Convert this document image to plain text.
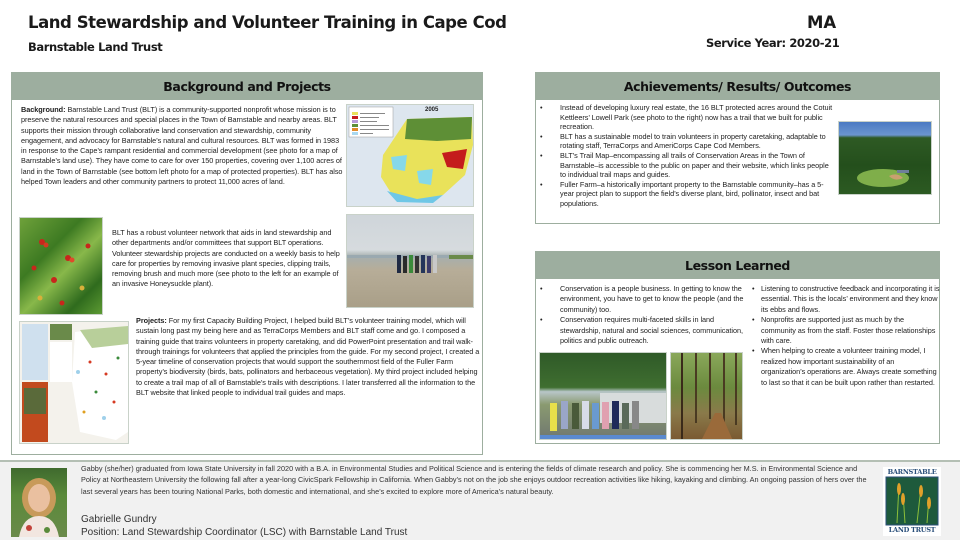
Land Stewardship and Volunteer Training in Cape Cod
Barnstable Land Trust
MA
Service Year: 2020-21
Background and Projects
Background: Barnstable Land Trust (BLT) is a community-supported nonprofit whose mission is to preserve the natural resources and special places in the Town of Barnstable and nearby areas. BLT supports their mission through collaborative land conservation and stewardship, community engagement, and advocacy for Barnstable’s natural and cultural resources. BLT was formed in 1983 in response to the Cape’s rampant residential and commercial development (see photo for a map of Barnstable’s land use). They have come to care for over 150 properties, covering over 1,100 acres of land in the Town of Barnstable (see bottom left photo for a map of protected properties). BLT has also helped Town leaders and other community partners to protect 11,000 acres of land.
2005
BLT has a robust volunteer network that aids in land stewardship and other departments and/or committees that support BLT operations. Volunteer stewardship projects are conducted on a weekly basis to help care for properties by removing invasive plant species, clipping trails, removing brush and much more (see photo to the left for an example of an invasive Honeysuckle plant).
Projects: For my first Capacity Building Project, I helped build BLT’s volunteer training model, which will sustain long past my being here and as TerraCorps Members and BLT staff come and go. I composed a training guide that trains volunteers in property caretaking, and did PowerPoint presentation and trail walk-through trainings for volunteers that applied the principles from the guide. For my second project, I created a 5-year timeline of conservation projects that would support the southernmost field of the Fuller Farm property’s biodiversity (birds, bats, pollinators and herbaceous vegetation). My third project included helping to create a trail map of all of Barnstable’s trails with descriptions. I later transferred all the information to the BLT website that linked people to individual trail guides and maps.
Achievements/ Results/ Outcomes
• Instead of developing luxury real estate, the 16 BLT protected acres around the Cotuit Kettleers’ Lowell Park (see photo to the right) now has a trail that we built for public recreation.
• BLT has a sustainable model to train volunteers in property caretaking, adaptable to rotating staff, TerraCorps and AmeriCorps Cape Cod Members.
• BLT’s Trail Map–encompassing all trails of Conservation Areas in the Town of Barnstable–is accessible to the public on paper and their website, which links people to individual trail maps and guides.
• Fuller Farm–a historically important property to the Barnstable community–has a 5-year project plan to support the field’s diverse plant, bird, pollinator, insect and bat populations.
Lesson Learned
• Conservation is a people business. In getting to know the environment, you have to get to know the people (and the community) too.
• Conservation requires multi-faceted skills in land stewardship, natural and social sciences, communication, politics and public outreach.
• Listening to constructive feedback and incorporating it is essential. This is the locals’ environment and they know its ebbs and flows.
• Nonprofits are supported just as much by the community as from the staff. Foster those relationships with care.
• When helping to create a volunteer training model, I realized how important sustainability of an organization’s operations are. Always create something to last so that it can be built upon rather than restarted.
BARNSTABLE
LAND TRUST
Gabby (she/her) graduated from Iowa State University in fall 2020 with a B.A. in Environmental Studies and Political Science and is entering the fields of climate research and policy. She is commencing her M.S. in Environmental Science and Policy at Northeastern University the following fall after a year-long CivicSpark Fellowship in California. When Gabby’s not on the job she enjoys outdoor recreation activities like hiking, kayaking and climbing. An ongoing passion of hers over the last several years has been touring National Parks, both domestic and international, and she’s excited to explore more of America’s natural beauty.
Gabrielle Gundry
Position: Land Stewardship Coordinator (LSC) with Barnstable Land Trust
